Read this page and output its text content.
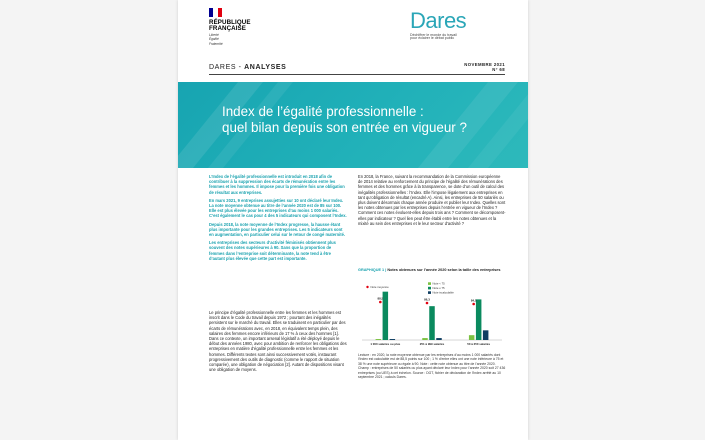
RÉPUBLIQUE
FRANÇAISE
Liberté
Égalité
Fraternité
Dares
Déchiffrer le monde du travail
pour éclairer le débat public
DARES - ANALYSES	NOVEMBRE 2021
N° 68
Index de l’égalité professionnelle :
quel bilan depuis son entrée en vigueur ?

L’Index de l’égalité professionnelle est introduit en 2018 afin de contribuer à la suppression des écarts de rémunération entre les femmes et les hommes. Il impose pour la première fois une obligation de résultat aux entreprises.

En mars 2021, 9 entreprises assujetties sur 10 ont déclaré leur Index. La note moyenne obtenue au titre de l’année 2020 est de 85 sur 100. Elle est plus élevée pour les entreprises d’au moins 1 000 salariés. C’est également le cas pour 4 des 5 indicateurs qui composent l’Index.

Depuis 2018, la note moyenne de l’Index progresse, la hausse étant plus importante pour les grandes entreprises. Les 5 indicateurs sont en augmentation, en particulier celui sur le retour de congé maternité.

Les entreprises des secteurs d’activité féminisés obtiennent plus souvent des notes supérieures à 90. Sans que la proportion de femmes dans l’entreprise soit déterminante, la note tend à être d’autant plus élevée que cette part est importante.

Le principe d’égalité professionnelle entre les femmes et les hommes est inscrit dans le Code du travail depuis 1972 ; pourtant des inégalités persistent sur le marché du travail. Elles se traduisent en particulier par des écarts de rémunérations avec, en 2018, en équivalent temps plein, des salaires des femmes encore inférieurs de 17 % à ceux des hommes [1]. Dans ce contexte, un important arsenal législatif a été déployé depuis le début des années 1980, avec pour ambition de renforcer les obligations des entreprises en matière d’égalité professionnelle entre les femmes et les hommes. Différents textes sont ainsi successivement votés, instaurant progressivement des outils de diagnostic (comme le rapport de situation comparée), une obligation de négociation [2]. Autant de dispositions visant une obligation de moyens.
En 2018, la France, suivant la recommandation de la Commission européenne de 2014 relative au renforcement du principe de l’égalité des rémunérations des femmes et des hommes grâce à la transparence, se dote d’un outil de calcul des inégalités professionnelles : l’Index. Elle l’impose légalement aux entreprises en tant qu’obligation de résultat (encadré A). Ainsi, les entreprises de 50 salariés ou plus doivent désormais chaque année produire et publier leur Index. Quelles sont les notes obtenues par les entreprises depuis l’entrée en vigueur de l’Index ? Comment ces notes évoluent-elles depuis trois ans ? Comment se décomposent-elles par indicateur ? Quel lien peut être établi entre les notes obtenues et la mixité au sein des entreprises et le leur secteur d’activité ?
GRAPHIQUE 1 | Notes obtenues sur l’année 2020 selon la taille des entreprises
Note moyenne
Note < 75
Note ≥ 75
Note incalculable
88,5
1 000 salariés ou plus
86,3
251 à 999 salariés
84,5
50 à 250 salariés
Lecture : en 2020, la note moyenne obtenue par les entreprises d’au moins 1 000 salariés dont l’Index est calculable est de 88,5 points sur 100 ; 1 % d’entre elles ont une note inférieure à 75 et 38 % une note supérieure ou égale à 90. Note : cette note obtenue au titre de l’année 2020. Champ : entreprises de 50 salariés ou plus ayant déclaré leur Index pour l’année 2020 soit 27 436 entreprises (ou UES) à cet échelon. Source : DGT, fichier de déclaration de l’Index arrêté au 10 septembre 2021 ; calculs Dares.
